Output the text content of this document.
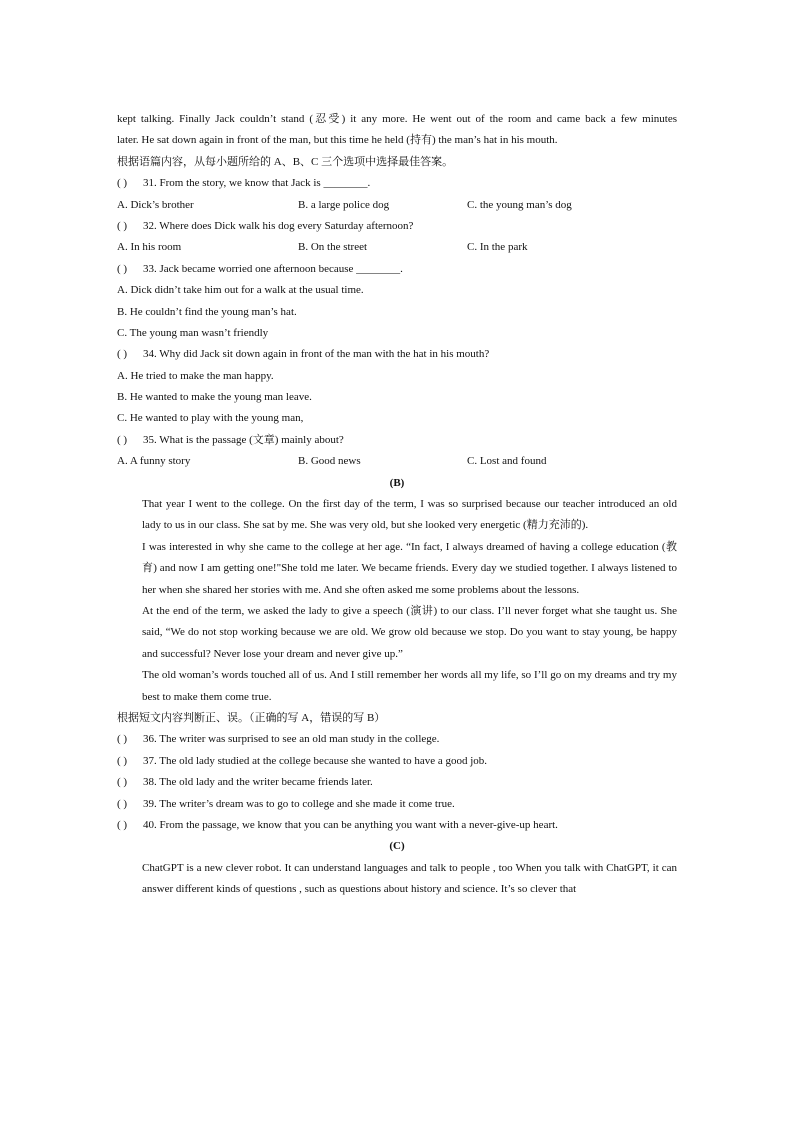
kept talking. Finally Jack couldn’t stand (忍受) it any more. He went out of the room and came back a few minutes
later. He sat down again in front of the man, but this time he held (持有) the man’s hat in his mouth.
根据语篇内容，从每小题所给的 A、B、C 三个选项中选择最佳答案。
( ) 31. From the story, we know that Jack is ________.
A. Dick’s brother	B. a large police dog	C. the young man’s dog
( ) 32. Where does Dick walk his dog every Saturday afternoon?
A. In his room	B. On the street	C. In the park
( ) 33. Jack became worried one afternoon because ________.
A. Dick didn’t take him out for a walk at the usual time.
B. He couldn’t find the young man’s hat.
C. The young man wasn’t friendly
( ) 34. Why did Jack sit down again in front of the man with the hat in his mouth?
A. He tried to make the man happy.
B. He wanted to make the young man leave.
C. He wanted to play with the young man,
( ) 35. What is the passage (文章) mainly about?
A. A funny story	B. Good news	C. Lost and found
(B)
That year I went to the college. On the first day of the term, I was so surprised because our teacher introduced an old lady to us in our class. She sat by me. She was very old, but she looked very energetic (精力充沛的).
I was interested in why she came to the college at her age. “In fact, I always dreamed of having a college education (教育) and now I am getting one!"She told me later. We became friends. Every day we studied together. I always listened to her when she shared her stories with me. And she often asked me some problems about the lessons.
At the end of the term, we asked the lady to give a speech (演讲) to our class. I’ll never forget what she taught us. She said, “We do not stop working because we are old. We grow old because we stop. Do you want to stay young, be happy and successful? Never lose your dream and never give up.”
The old woman’s words touched all of us. And I still remember her words all my life, so I’ll go on my dreams and try my best to make them come true.
根据短文内容判断正、误。（正确的写 A，错误的写 B）
( ) 36. The writer was surprised to see an old man study in the college.
( ) 37. The old lady studied at the college because she wanted to have a good job.
( ) 38. The old lady and the writer became friends later.
( ) 39. The writer’s dream was to go to college and she made it come true.
( ) 40. From the passage, we know that you can be anything you want with a never-give-up heart.
(C)
ChatGPT is a new clever robot. It can understand languages and talk to people , too When you talk with ChatGPT, it can answer different kinds of questions , such as questions about history and science. It’s so clever that
